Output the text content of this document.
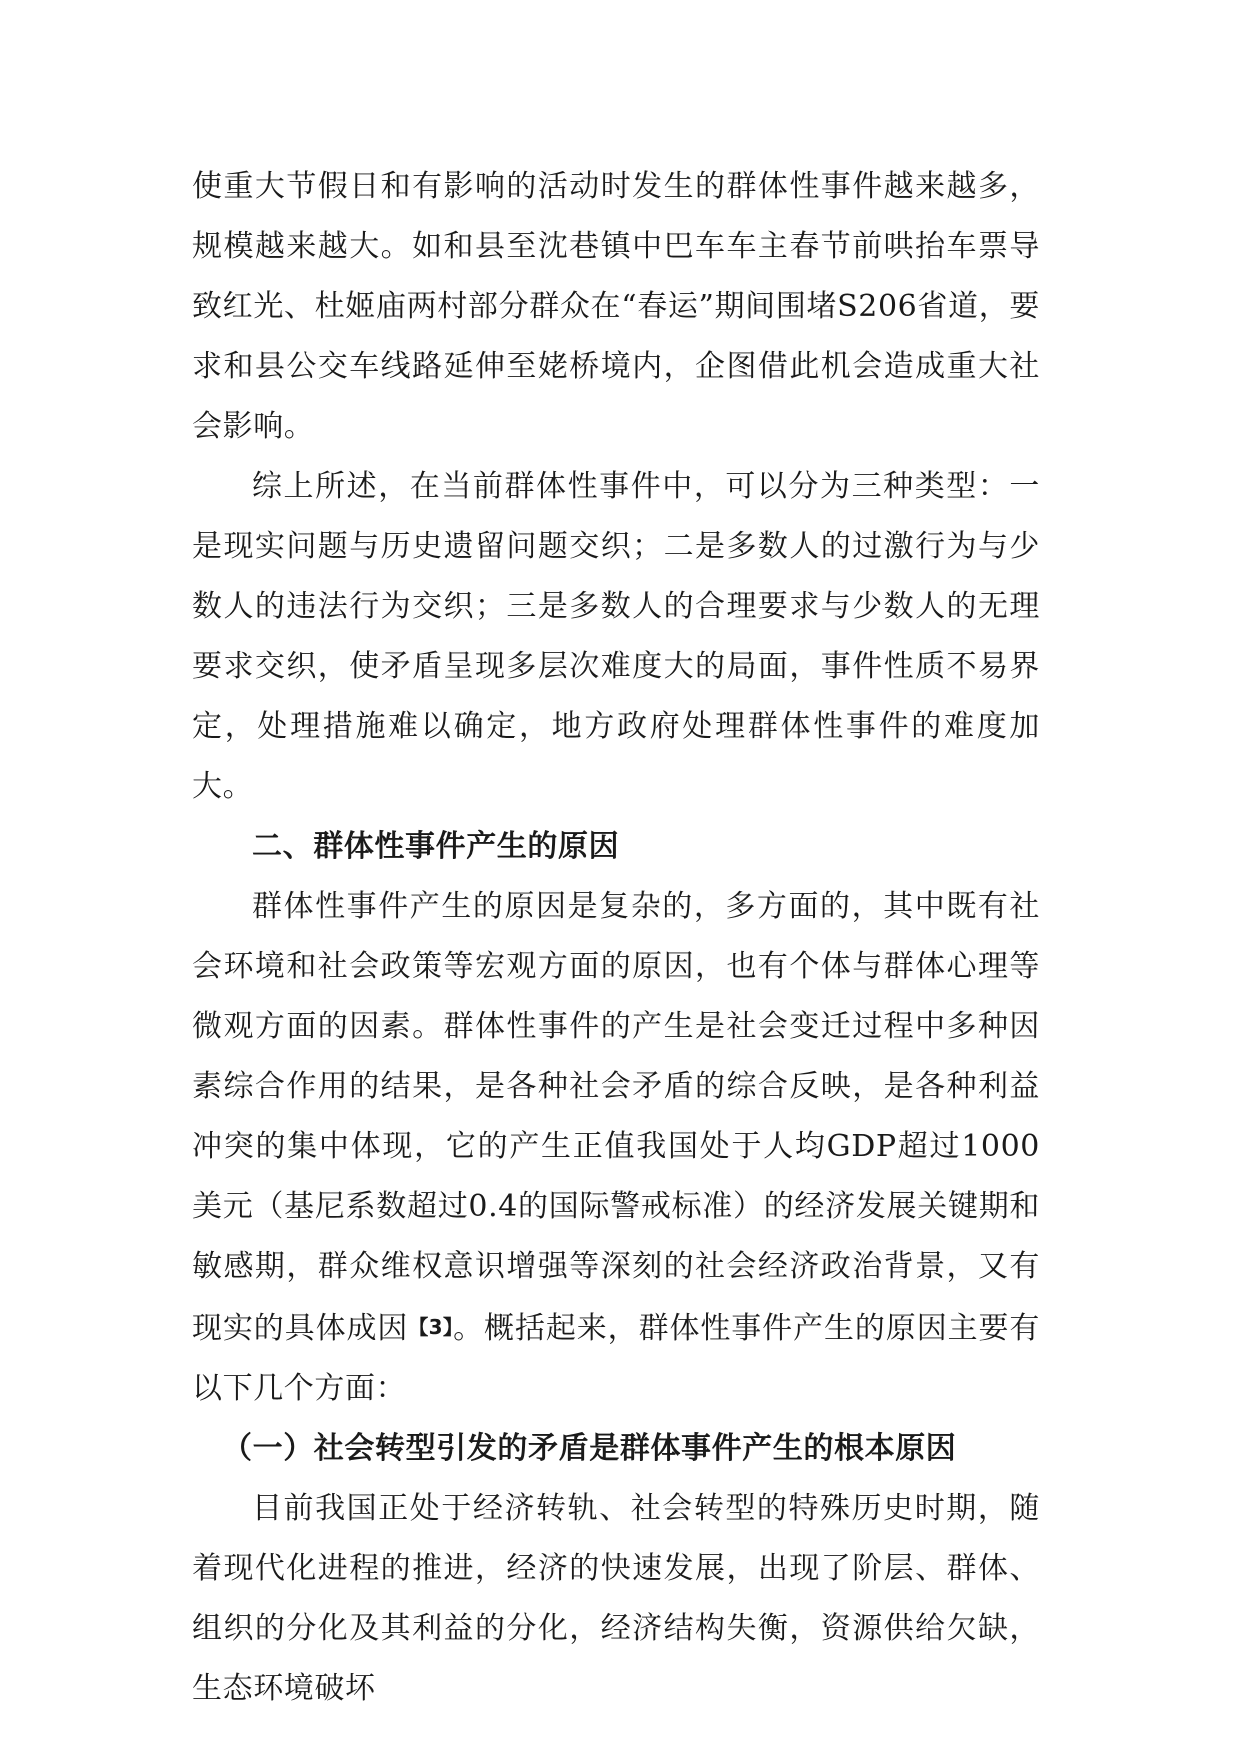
使重大节假日和有影响的活动时发生的群体性事件越来越多，规模越来越大。如和县至沈巷镇中巴车车主春节前哄抬车票导致红光、杜姬庙两村部分群众在“春运”期间围堵S206省道，要求和县公交车线路延伸至姥桥境内，企图借此机会造成重大社会影响。

综上所述，在当前群体性事件中，可以分为三种类型：一是现实问题与历史遗留问题交织；二是多数人的过激行为与少数人的违法行为交织；三是多数人的合理要求与少数人的无理要求交织，使矛盾呈现多层次难度大的局面，事件性质不易界定，处理措施难以确定，地方政府处理群体性事件的难度加大。

二、群体性事件产生的原因

群体性事件产生的原因是复杂的，多方面的，其中既有社会环境和社会政策等宏观方面的原因，也有个体与群体心理等微观方面的因素。群体性事件的产生是社会变迁过程中多种因素综合作用的结果，是各种社会矛盾的综合反映，是各种利益冲突的集中体现，它的产生正值我国处于人均GDP超过1000美元（基尼系数超过0.4的国际警戒标准）的经济发展关键期和敏感期，群众维权意识增强等深刻的社会经济政治背景，又有现实的具体成因【3】。概括起来，群体性事件产生的原因主要有以下几个方面：

（一）社会转型引发的矛盾是群体事件产生的根本原因

目前我国正处于经济转轨、社会转型的特殊历史时期，随着现代化进程的推进，经济的快速发展，出现了阶层、群体、组织的分化及其利益的分化，经济结构失衡，资源供给欠缺，生态环境破坏
